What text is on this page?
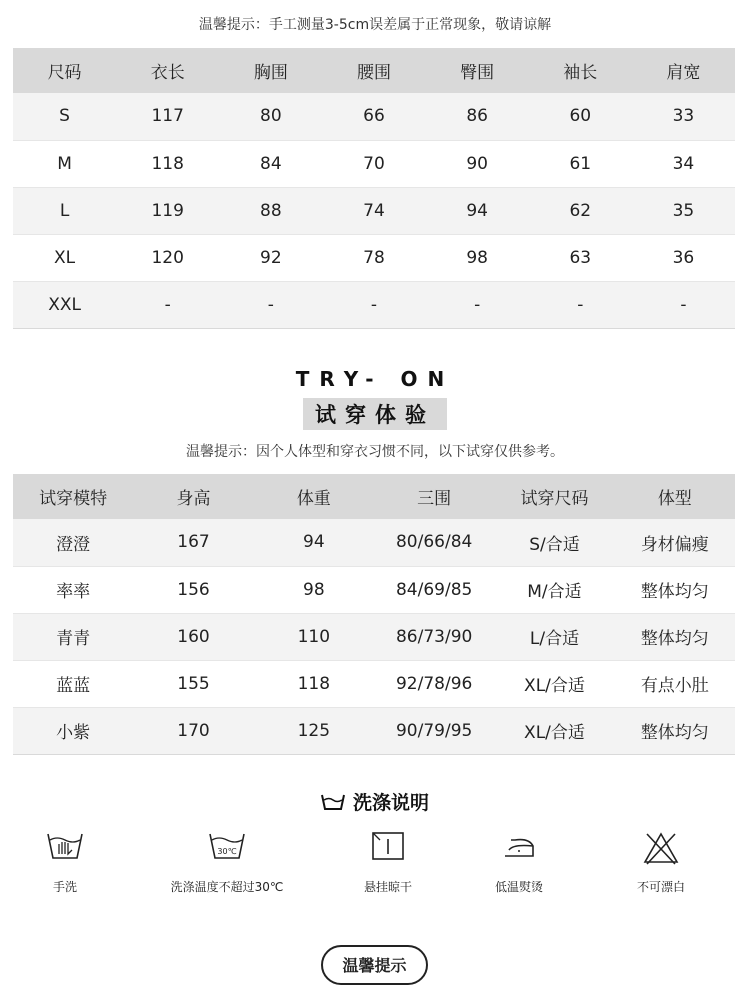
温馨提示：手工测量3-5cm误差属于正常现象，敬请谅解
尺码	衣长	胸围	腰围	臀围	袖长	肩宽
S	117	80	66	86	60	33
M	118	84	70	90	61	34
L	119	88	74	94	62	35
XL	120	92	78	98	63	36
XXL	-	-	-	-	-	-
TRY- ON
试穿体验
温馨提示：因个人体型和穿衣习惯不同，以下试穿仅供参考。
试穿模特	身高	体重	三围	试穿尺码	体型
澄澄	167	94	80/66/84	S/合适	身材偏瘦
率率	156	98	84/69/85	M/合适	整体均匀
青青	160	110	86/73/90	L/合适	整体均匀
蓝蓝	155	118	92/78/96	XL/合适	有点小肚
小紫	170	125	90/79/95	XL/合适	整体均匀
洗涤说明
手洗
30℃
洗涤温度不超过30℃	悬挂晾干	低温熨烫	不可漂白
温馨提示
